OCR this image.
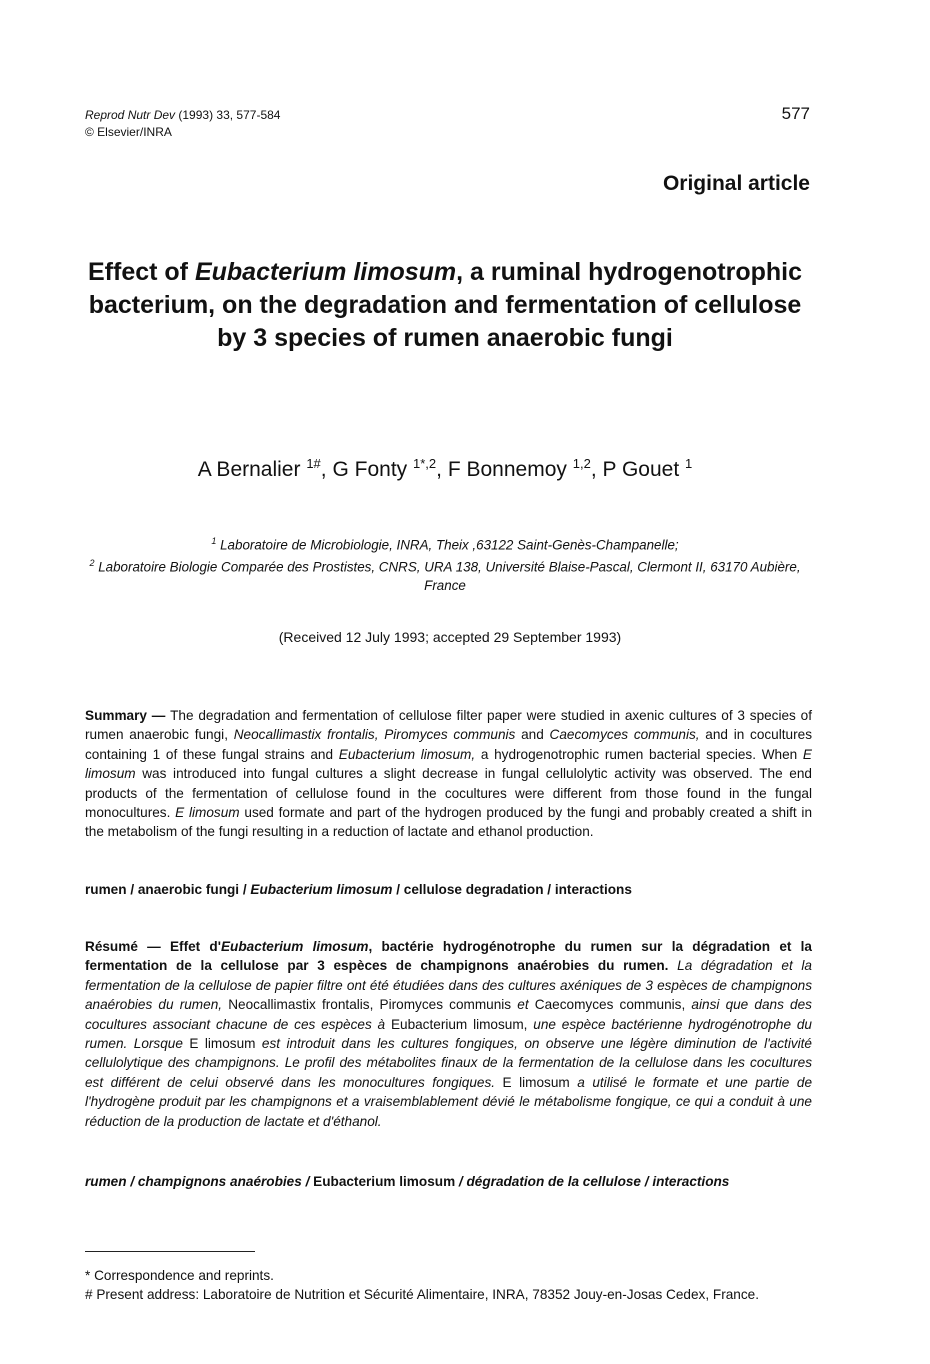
Reprod Nutr Dev (1993) 33, 577-584
© Elsevier/INRA
577
Original article
Effect of Eubacterium limosum, a ruminal hydrogenotrophic bacterium, on the degradation and fermentation of cellulose by 3 species of rumen anaerobic fungi
A Bernalier $^{1\#}$, G Fonty $^{1*,2}$, F Bonnemoy $^{1,2}$, P Gouet $^1$
$^1$ Laboratoire de Microbiologie, INRA, Theix ,63122 Saint-Genès-Champanelle;
$^2$ Laboratoire Biologie Comparée des Prostistes, CNRS, URA 138, Université Blaise-Pascal, Clermont II, 63170 Aubière, France
(Received 12 July 1993; accepted 29 September 1993)
Summary — The degradation and fermentation of cellulose filter paper were studied in axenic cultures of 3 species of rumen anaerobic fungi, Neocallimastix frontalis, Piromyces communis and Caecomyces communis, and in cocultures containing 1 of these fungal strains and Eubacterium limosum, a hydrogenotrophic rumen bacterial species. When E limosum was introduced into fungal cultures a slight decrease in fungal cellulolytic activity was observed. The end products of the fermentation of cellulose found in the cocultures were different from those found in the fungal monocultures. E limosum used formate and part of the hydrogen produced by the fungi and probably created a shift in the metabolism of the fungi resulting in a reduction of lactate and ethanol production.
rumen / anaerobic fungi / Eubacterium limosum / cellulose degradation / interactions
Résumé — Effet d'Eubacterium limosum, bactérie hydrogénotrophe du rumen sur la dégradation et la fermentation de la cellulose par 3 espèces de champignons anaérobies du rumen. La dégradation et la fermentation de la cellulose de papier filtre ont été étudiées dans des cultures axéniques de 3 espèces de champignons anaérobies du rumen, Neocallimastix frontalis, Piromyces communis et Caecomyces communis, ainsi que dans des cocultures associant chacune de ces espèces à Eubacterium limosum, une espèce bactérienne hydrogénotrophe du rumen. Lorsque E limosum est introduit dans les cultures fongiques, on observe une légère diminution de l'activité cellulolytique des champignons. Le profil des métabolites finaux de la fermentation de la cellulose dans les cocultures est différent de celui observé dans les monocultures fongiques. E limosum a utilisé le formate et une partie de l'hydrogène produit par les champignons et a vraisemblablement dévié le métabolisme fongique, ce qui a conduit à une réduction de la production de lactate et d'éthanol.
rumen / champignons anaérobies / Eubacterium limosum / dégradation de la cellulose / interactions
* Correspondence and reprints.
# Present address: Laboratoire de Nutrition et Sécurité Alimentaire, INRA, 78352 Jouy-en-Josas Cedex, France.
